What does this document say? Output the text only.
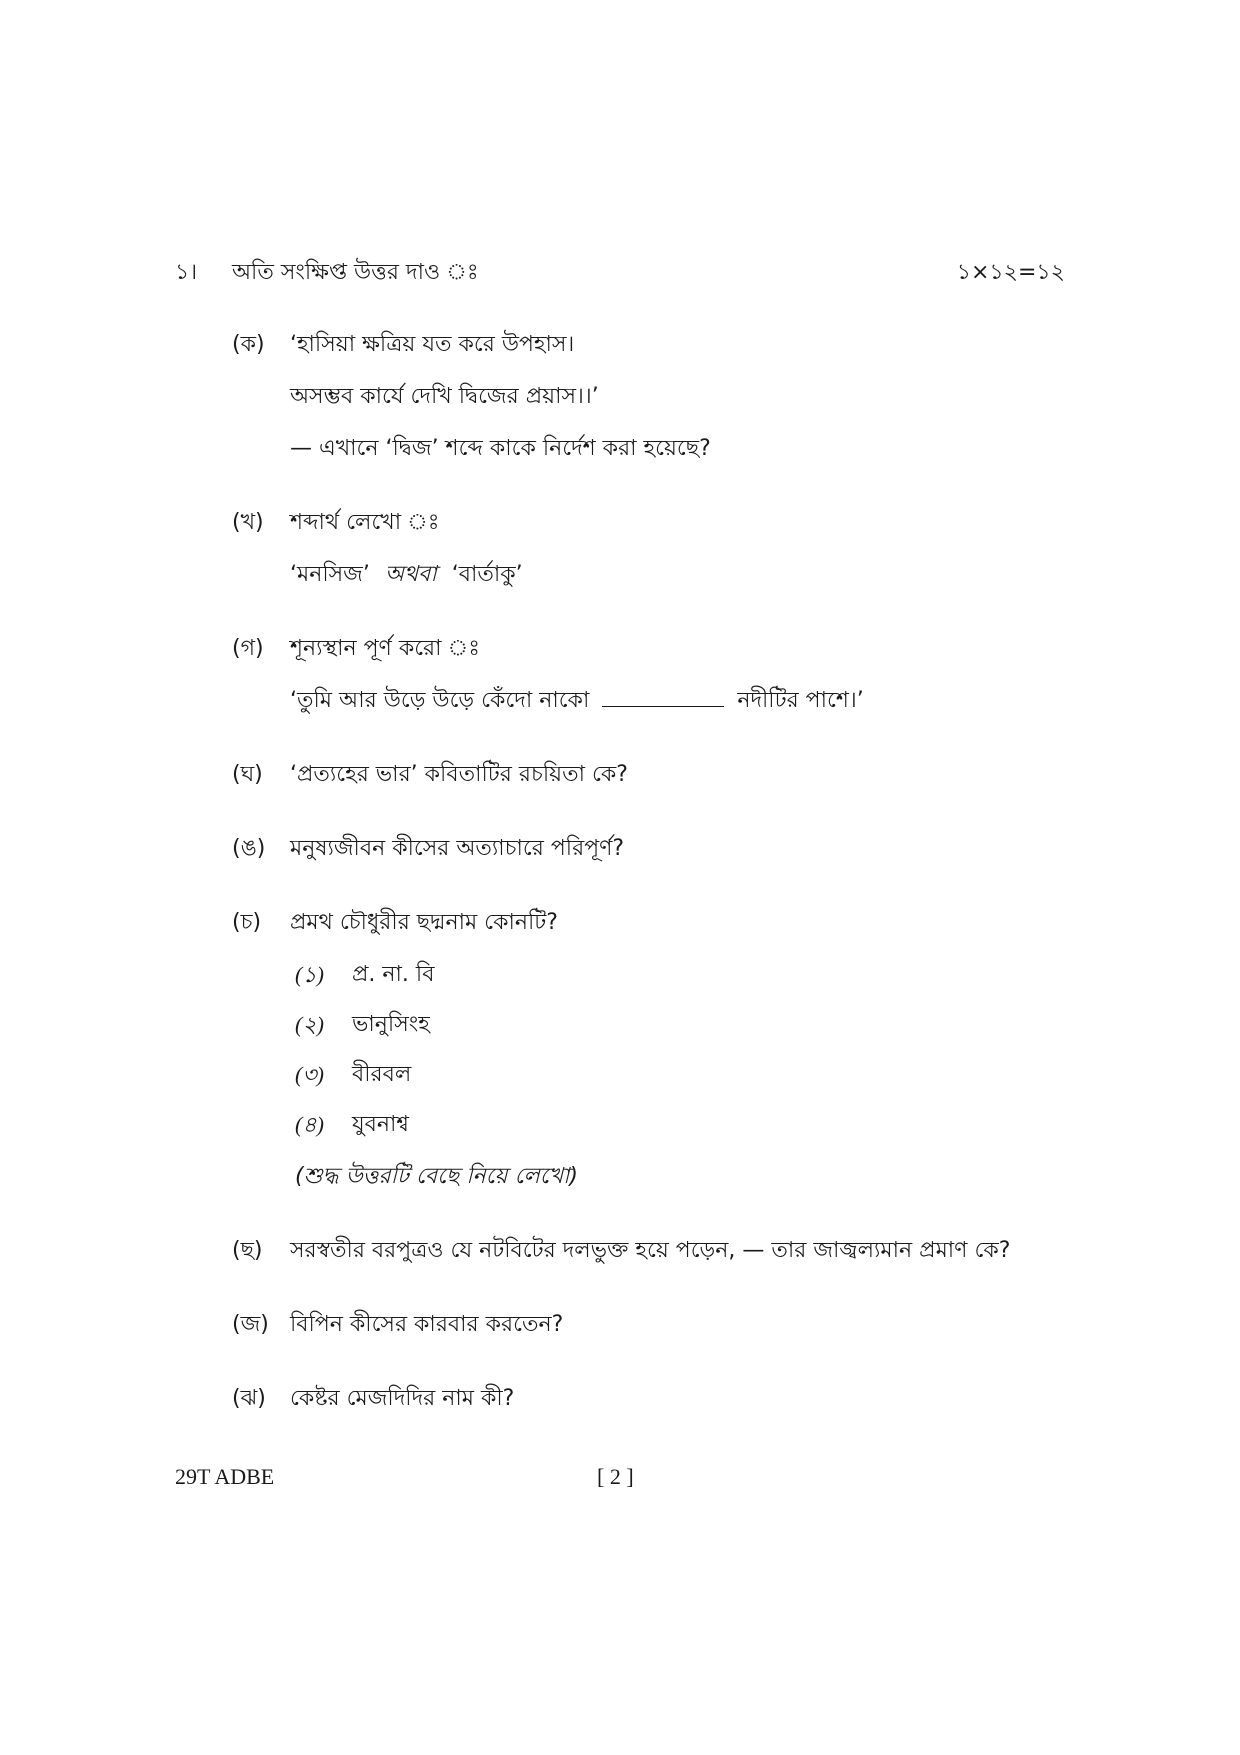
১। অতি সংক্ষিপ্ত উত্তর দাও ঃ	১×১২=১২
(ক) ‘হাসিয়া ক্ষত্রিয় যত করে উপহাস।
অসম্ভব কার্যে দেখি দ্বিজের প্রয়াস।।’
— এখানে ‘দ্বিজ’ শব্দে কাকে নির্দেশ করা হয়েছে?
(খ) শব্দার্থ লেখো ঃ
‘মনসিজ’ অথবা ‘বার্তাকু’
(গ) শূন্যস্থান পূর্ণ করো ঃ
‘তুমি আর উড়ে উড়ে কেঁদো নাকো	নদীটির পাশে।’
(ঘ) ‘প্রত্যহের ভার’ কবিতাটির রচয়িতা কে?
(ঙ) মনুষ্যজীবন কীসের অত্যাচারে পরিপূর্ণ?
(চ) প্রমথ চৌধুরীর ছদ্মনাম কোনটি?
(১) প্র. না. বি
(২) ভানুসিংহ
(৩) বীরবল
(৪) যুবনাশ্ব
(শুদ্ধ উত্তরটি বেছে নিয়ে লেখো)
(ছ) সরস্বতীর বরপুত্রও যে নটবিটের দলভুক্ত হয়ে পড়েন, — তার জাজ্বল্যমান প্রমাণ কে?
(জ) বিপিন কীসের কারবার করতেন?
(ঝ) কেষ্টর মেজদিদির নাম কী?
29T ADBE	[ 2 ]
